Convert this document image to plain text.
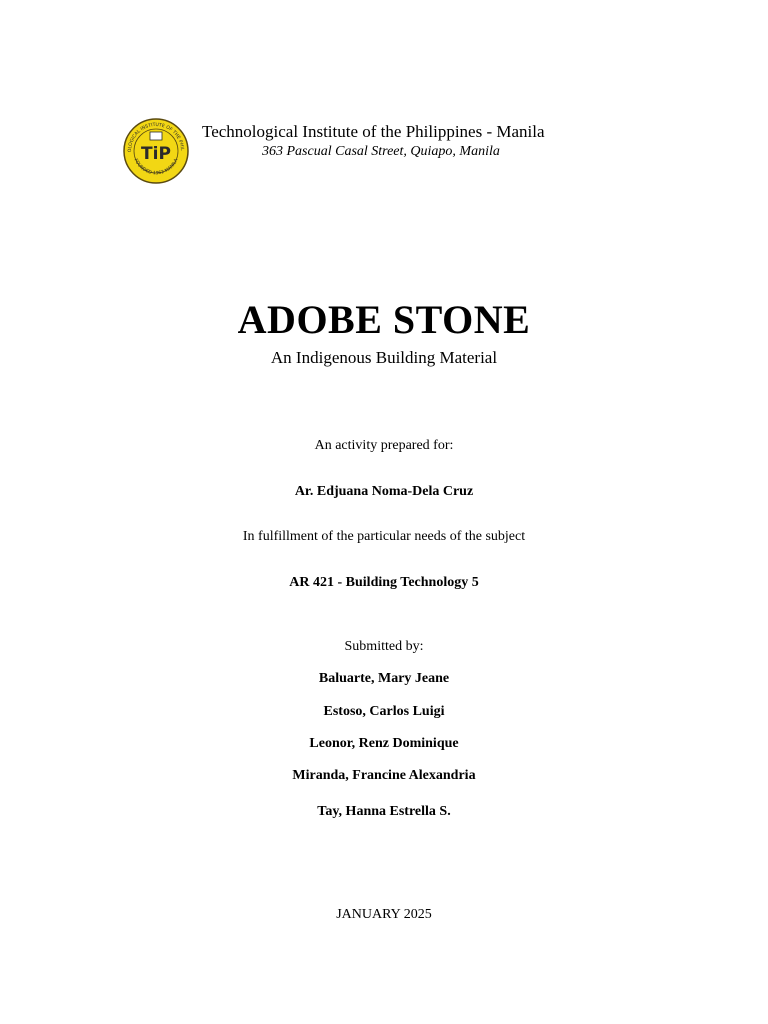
OLOGICAL INSTITUTE OF THE PHIL
FOUNDED 1962 MANILA
TiP
Technological Institute of the Philippines - Manila
363 Pascual Casal Street, Quiapo, Manila
ADOBE STONE
An Indigenous Building Material
An activity prepared for:
Ar. Edjuana Noma-Dela Cruz
In fulfillment of the particular needs of the subject
AR 421 - Building Technology 5
Submitted by:
Baluarte, Mary Jeane
Estoso, Carlos Luigi
Leonor, Renz Dominique
Miranda, Francine Alexandria
Tay, Hanna Estrella S.
JANUARY 2025
